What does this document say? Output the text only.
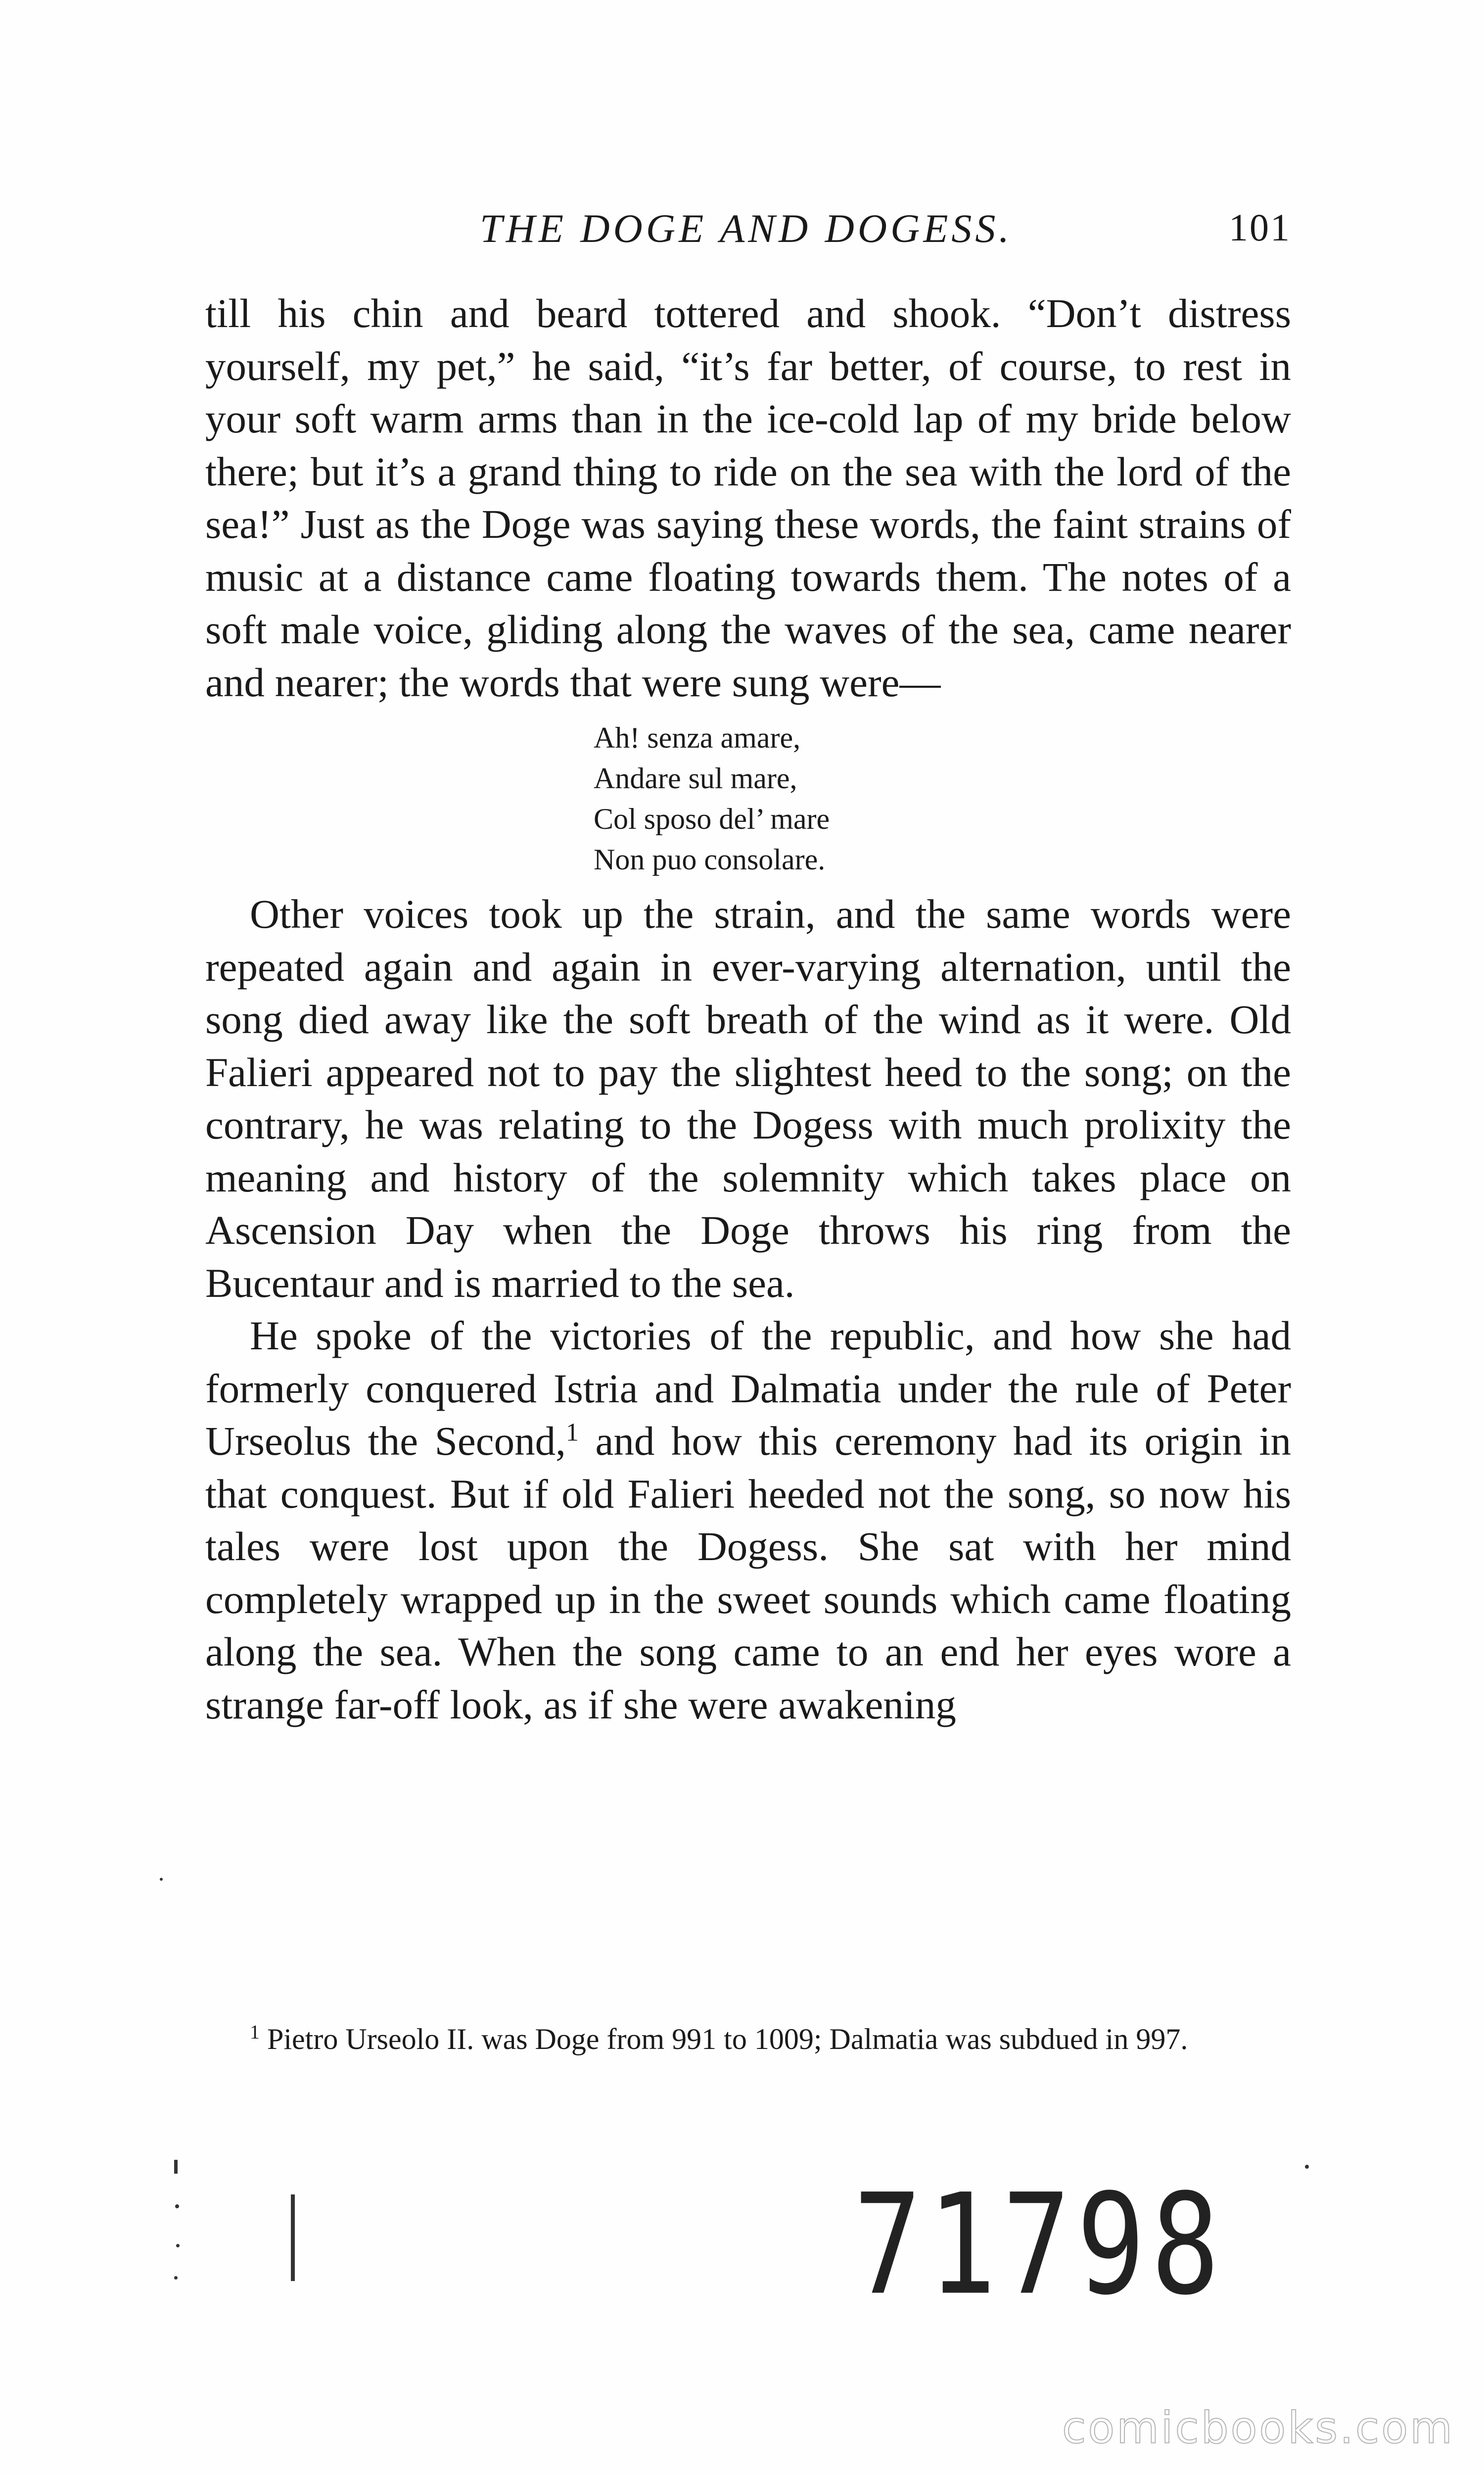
THE DOGE AND DOGESS.	101

till his chin and beard tottered and shook. “Don’t distress yourself, my pet,” he said, “it’s far better, of course, to rest in your soft warm arms than in the ice-cold lap of my bride below there; but it’s a grand thing to ride on the sea with the lord of the sea!” Just as the Doge was saying these words, the faint strains of music at a distance came floating towards them. The notes of a soft male voice, gliding along the waves of the sea, came nearer and nearer; the words that were sung were—

Ah! senza amare,
Andare sul mare,
Col sposo del’ mare
Non puo consolare.

Other voices took up the strain, and the same words were repeated again and again in ever-varying alternation, until the song died away like the soft breath of the wind as it were. Old Falieri appeared not to pay the slightest heed to the song; on the contrary, he was relating to the Dogess with much prolixity the meaning and history of the solemnity which takes place on Ascension Day when the Doge throws his ring from the Bucentaur and is married to the sea.

He spoke of the victories of the republic, and how she had formerly conquered Istria and Dalmatia under the rule of Peter Urseolus the Second,$^1$ and how this ceremony had its origin in that conquest. But if old Falieri heeded not the song, so now his tales were lost upon the Dogess. She sat with her mind completely wrapped up in the sweet sounds which came floating along the sea. When the song came to an end her eyes wore a strange far-off look, as if she were awakening

$^1$ Pietro Urseolo II. was Doge from 991 to 1009; Dalmatia was subdued in 997.
71798
comicbooks.com
